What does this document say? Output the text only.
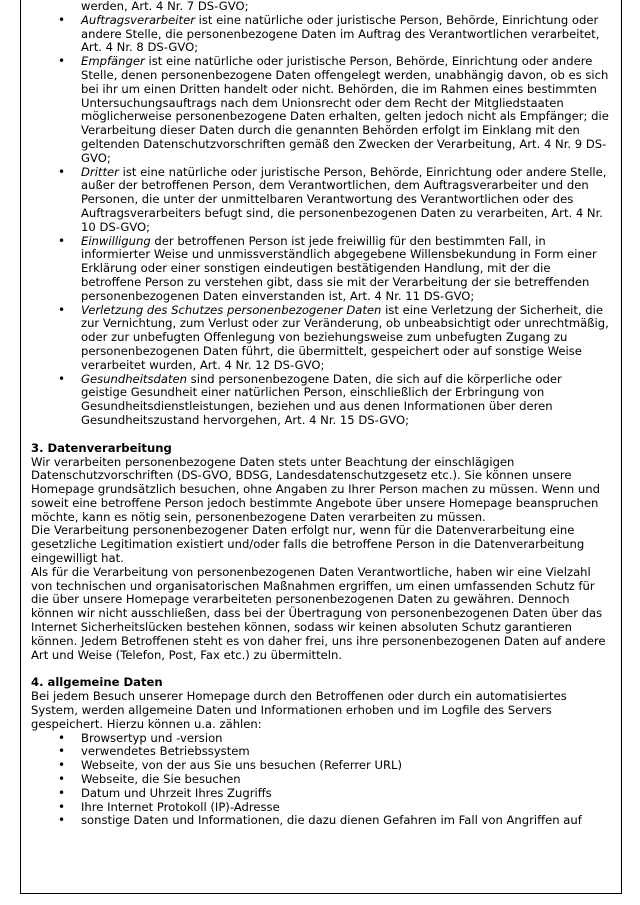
werden, Art. 4 Nr. 7 DS-GVO;
• Auftragsverarbeiter ist eine natürliche oder juristische Person, Behörde, Einrichtung oder andere Stelle, die personenbezogene Daten im Auftrag des Verantwortlichen verarbeitet, Art. 4 Nr. 8 DS-GVO;
• Empfänger ist eine natürliche oder juristische Person, Behörde, Einrichtung oder andere Stelle, denen personenbezogene Daten offengelegt werden, unabhängig davon, ob es sich bei ihr um einen Dritten handelt oder nicht. Behörden, die im Rahmen eines bestimmten Untersuchungsauftrags nach dem Unionsrecht oder dem Recht der Mitgliedstaaten möglicherweise personenbezogene Daten erhalten, gelten jedoch nicht als Empfänger; die Verarbeitung dieser Daten durch die genannten Behörden erfolgt im Einklang mit den geltenden Datenschutzvorschriften gemäß den Zwecken der Verarbeitung, Art. 4 Nr. 9 DS-GVO;
• Dritter ist eine natürliche oder juristische Person, Behörde, Einrichtung oder andere Stelle, außer der betroffenen Person, dem Verantwortlichen, dem Auftragsverarbeiter und den Personen, die unter der unmittelbaren Verantwortung des Verantwortlichen oder des Auftragsverarbeiters befugt sind, die personenbezogenen Daten zu verarbeiten, Art. 4 Nr. 10 DS-GVO;
• Einwilligung der betroffenen Person ist jede freiwillig für den bestimmten Fall, in informierter Weise und unmissverständlich abgegebene Willensbekundung in Form einer Erklärung oder einer sonstigen eindeutigen bestätigenden Handlung, mit der die betroffene Person zu verstehen gibt, dass sie mit der Verarbeitung der sie betreffenden personenbezogenen Daten einverstanden ist, Art. 4 Nr. 11 DS-GVO;
• Verletzung des Schutzes personenbezogener Daten ist eine Verletzung der Sicherheit, die zur Vernichtung, zum Verlust oder zur Veränderung, ob unbeabsichtigt oder unrechtmäßig, oder zur unbefugten Offenlegung von beziehungsweise zum unbefugten Zugang zu personenbezogenen Daten führt, die übermittelt, gespeichert oder auf sonstige Weise verarbeitet wurden, Art. 4 Nr. 12 DS-GVO;
• Gesundheitsdaten sind personenbezogene Daten, die sich auf die körperliche oder geistige Gesundheit einer natürlichen Person, einschließlich der Erbringung von Gesundheitsdienstleistungen, beziehen und aus denen Informationen über deren Gesundheitszustand hervorgehen, Art. 4 Nr. 15 DS-GVO;
3. Datenverarbeitung

Wir verarbeiten personenbezogene Daten stets unter Beachtung der einschlägigen Datenschutzvorschriften (DS-GVO, BDSG, Landesdatenschutzgesetz etc.). Sie können unsere Homepage grundsätzlich besuchen, ohne Angaben zu Ihrer Person machen zu müssen. Wenn und soweit eine betroffene Person jedoch bestimmte Angebote über unsere Homepage beanspruchen möchte, kann es nötig sein, personenbezogene Daten verarbeiten zu müssen.

Die Verarbeitung personenbezogener Daten erfolgt nur, wenn für die Datenverarbeitung eine gesetzliche Legitimation existiert und/oder falls die betroffene Person in die Datenverarbeitung eingewilligt hat.

Als für die Verarbeitung von personenbezogenen Daten Verantwortliche, haben wir eine Vielzahl von technischen und organisatorischen Maßnahmen ergriffen, um einen umfassenden Schutz für die über unsere Homepage verarbeiteten personenbezogenen Daten zu gewähren. Dennoch können wir nicht ausschließen, dass bei der Übertragung von personenbezogenen Daten über das Internet Sicherheitslücken bestehen können, sodass wir keinen absoluten Schutz garantieren können. Jedem Betroffenen steht es von daher frei, uns ihre personenbezogenen Daten auf andere Art und Weise (Telefon, Post, Fax etc.) zu übermitteln.

4. allgemeine Daten

Bei jedem Besuch unserer Homepage durch den Betroffenen oder durch ein automatisiertes System, werden allgemeine Daten und Informationen erhoben und im Logfile des Servers gespeichert. Hierzu können u.a. zählen:

• Browsertyp und -version
• verwendetes Betriebssystem
• Webseite, von der aus Sie uns besuchen (Referrer URL)
• Webseite, die Sie besuchen
• Datum und Uhrzeit Ihres Zugriffs
• Ihre Internet Protokoll (IP)-Adresse
• sonstige Daten und Informationen, die dazu dienen Gefahren im Fall von Angriffen auf
